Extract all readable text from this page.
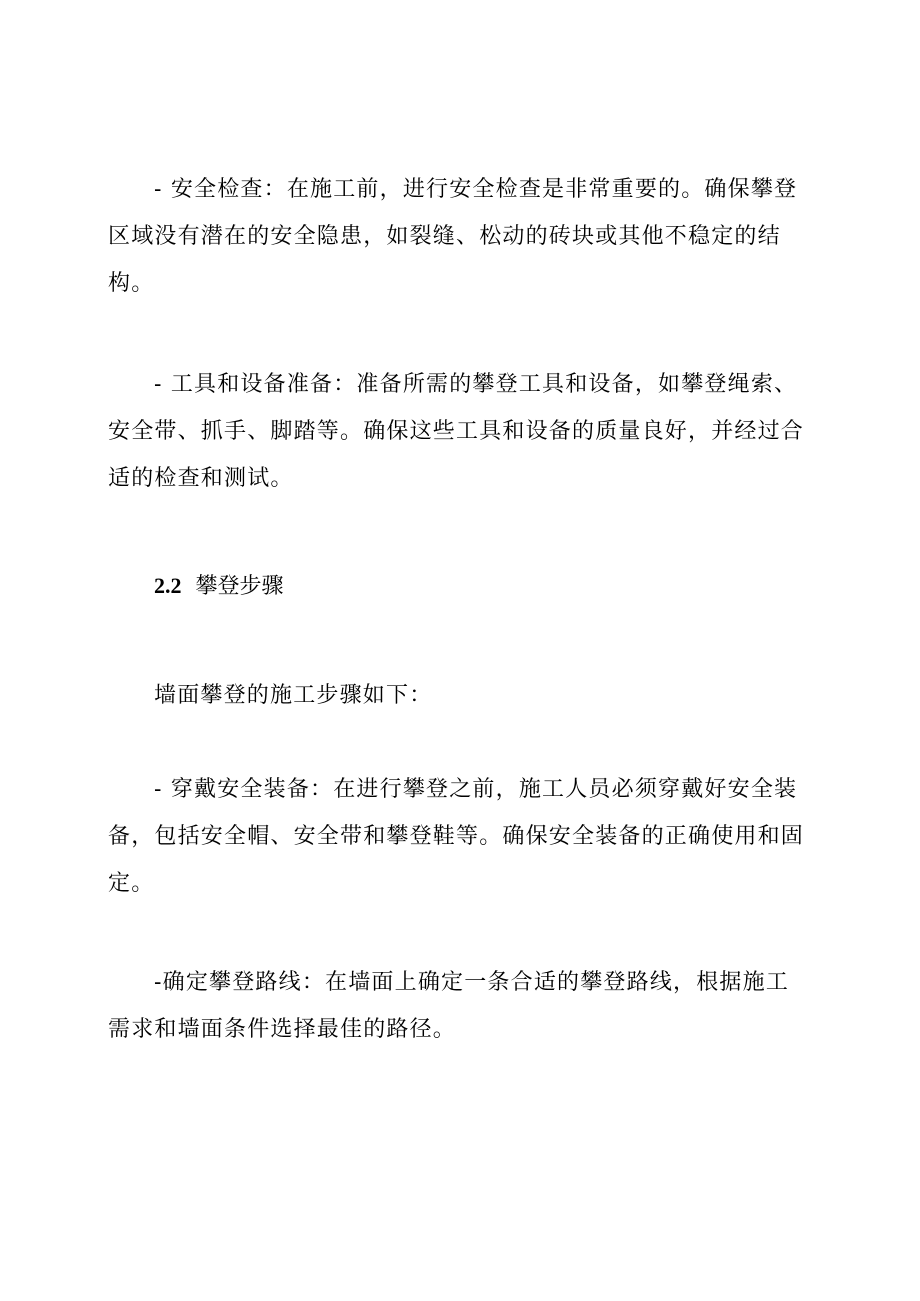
- 安全检查：在施工前，进行安全检查是非常重要的。确保攀登区域没有潜在的安全隐患，如裂缝、松动的砖块或其他不稳定的结构。

- 工具和设备准备：准备所需的攀登工具和设备，如攀登绳索、安全带、抓手、脚踏等。确保这些工具和设备的质量良好，并经过合适的检查和测试。

2.2 攀登步骤

墙面攀登的施工步骤如下：

- 穿戴安全装备：在进行攀登之前，施工人员必须穿戴好安全装备，包括安全帽、安全带和攀登鞋等。确保安全装备的正确使用和固定。

-确定攀登路线：在墙面上确定一条合适的攀登路线，根据施工需求和墙面条件选择最佳的路径。
